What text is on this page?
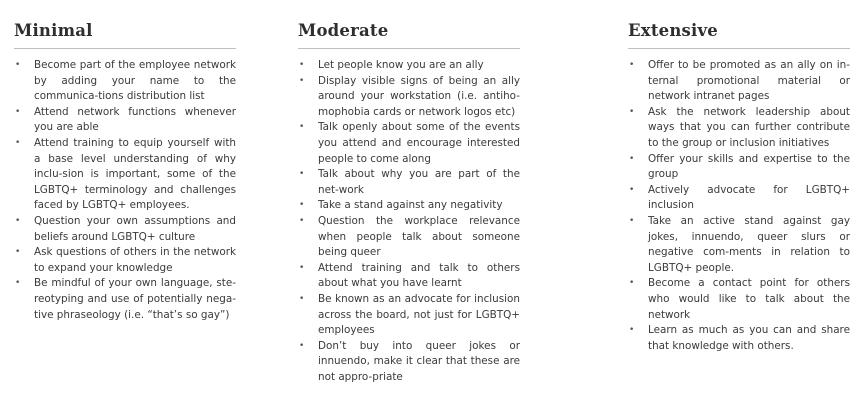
Minimal
• Become part of the employee network by adding your name to the communica-tions distribution list
• Attend network functions whenever you are able
• Attend training to equip yourself with a base level understanding of why inclu-sion is important, some of the LGBTQ+ terminology and challenges faced by LGBTQ+ employees.
• Question your own assumptions and beliefs around LGBTQ+ culture
• Ask questions of others in the network to expand your knowledge
• Be mindful of your own language, ste-reotyping and use of potentially nega-tive phraseology (i.e. “that’s so gay”)
Moderate
• Let people know you are an ally
• Display visible signs of being an ally around your workstation (i.e. antiho-mophobia cards or network logos etc)
• Talk openly about some of the events you attend and encourage interested people to come along
• Talk about why you are part of the net-work
• Take a stand against any negativity
• Question the workplace relevance when people talk about someone being queer
• Attend training and talk to others about what you have learnt
• Be known as an advocate for inclusion across the board, not just for LGBTQ+ employees
• Don’t buy into queer jokes or innuendo, make it clear that these are not appro-priate
Extensive
• Offer to be promoted as an ally on in-ternal promotional material or network intranet pages
• Ask the network leadership about ways that you can further contribute to the group or inclusion initiatives
• Offer your skills and expertise to the group
• Actively advocate for LGBTQ+ inclusion
• Take an active stand against gay jokes, innuendo, queer slurs or negative com-ments in relation to LGBTQ+ people.
• Become a contact point for others who would like to talk about the network
• Learn as much as you can and share that knowledge with others.
